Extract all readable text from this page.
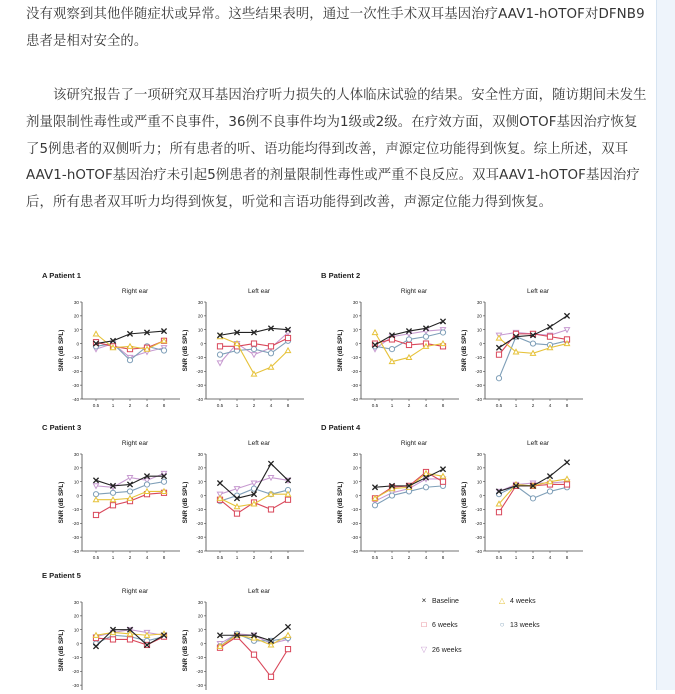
没有观察到其他伴随症状或异常。这些结果表明，通过一次性手术双耳基因治疗AAV1-hOTOF对DFNB9患者是相对安全的。

该研究报告了一项研究双耳基因治疗听力损失的人体临床试验的结果。安全性方面，随访期间未发生剂量限制性毒性或严重不良事件，36例不良事件均为1级或2级。在疗效方面，双侧OTOF基因治疗恢复了5例患者的双侧听力；所有患者的听、语功能均得到改善，声源定位功能得到恢复。综上所述，双耳AAV1-hOTOF基因治疗未引起5例患者的剂量限制性毒性或严重不良反应。双耳AAV1-hOTOF基因治疗后，所有患者双耳听力均得到恢复，听觉和言语功能得到改善，声源定位能力得到恢复。

A Patient 1
Right ear
SNR (dB SPL)
30
20
10
0
-10
-20
-30
-40
0.5	1	2	4	8
Left ear
SNR (dB SPL)
30
20
10
0
-10
-20
-30
-40
0.5	1	2	4	8
B Patient 2
Right ear
SNR (dB SPL)
30
20
10
0
-10
-20
-30
-40
0.5	1	2	4	8
Left ear
SNR (dB SPL)
30
20
10
0
-10
-20
-30
-40
0.5	1	2	4	8
C Patient 3
Right ear
SNR (dB SPL)
30
20
10
0
-10
-20
-30
-40
0.5	1	2	4	8
Left ear
SNR (dB SPL)
30
20
10
0
-10
-20
-30
-40
0.5	1	2	4	8
D Patient 4
Right ear
SNR (dB SPL)
30
20
10
0
-10
-20
-30
-40
0.5	1	2	4	8
Left ear
SNR (dB SPL)
30
20
10
0
-10
-20
-30
-40
0.5	1	2	4	8
E Patient 5
Right ear
SNR (dB SPL)
30
20
10
0
-10
-20
-30
Left ear
SNR (dB SPL)
30
20
10
0
-10
-20
-30
× Baseline	△ 4 weeks
□ 6 weeks	○ 13 weeks
▽ 26 weeks
